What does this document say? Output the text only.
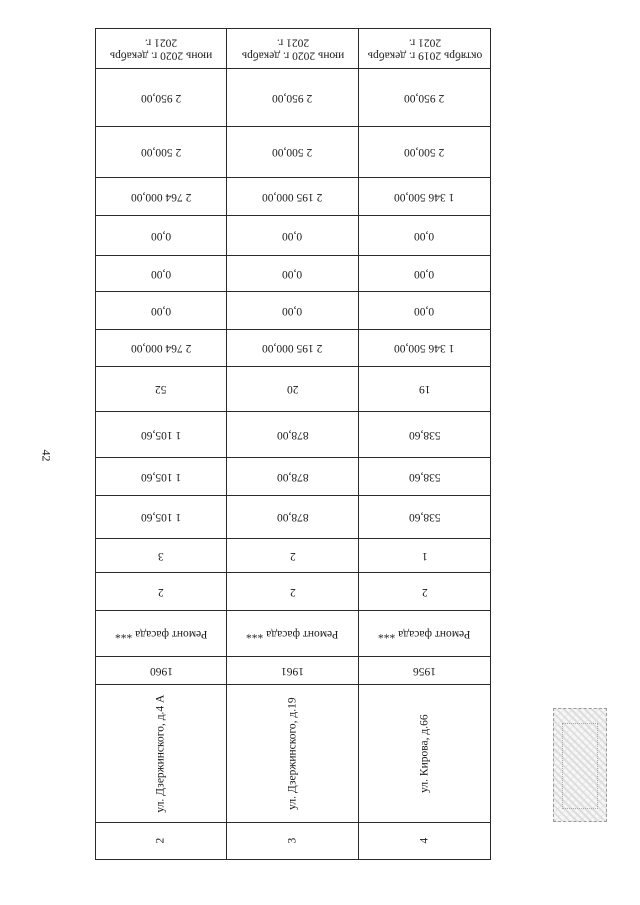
42
июнь 2020 г. декабрь 2021 г.	июнь 2020 г. декабрь 2021 г.	октябрь 2019 г. декабрь 2021 г.
2 950,00	2 950,00	2 950,00
2 500,00	2 500,00	2 500,00
2 764 000,00	2 195 000,00	1 346 500,00
0,00	0,00	0,00
0,00	0,00	0,00
0,00	0,00	0,00
2 764 000,00	2 195 000,00	1 346 500,00
52	20	19
1 105,60	878,00	538,60
1 105,60	878,00	538,60
1 105,60	878,00	538,60
3	2	1
2	2	2
Ремонт фасада ***	Ремонт фасада ***	Ремонт фасада ***
1960	1961	1956
ул. Дзержинского, д.4 А	ул. Дзержинского, д.19	ул. Кирова, д.66
2	3	4
